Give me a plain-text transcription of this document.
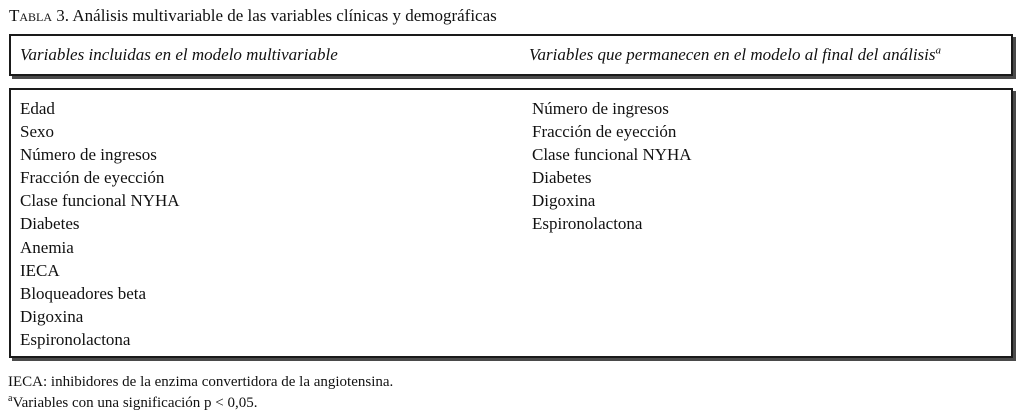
Tabla 3. Análisis multivariable de las variables clínicas y demográficas
Variables incluidas en el modelo multivariable	Variables que permanecen en el modelo al final del análisis$^a$
Edad
Sexo
Número de ingresos
Fracción de eyección
Clase funcional NYHA
Diabetes
Anemia
IECA
Bloqueadores beta
Digoxina
Espironolactona
Número de ingresos
Fracción de eyección
Clase funcional NYHA
Diabetes
Digoxina
Espironolactona

IECA: inhibidores de la enzima convertidora de la angiotensina.

$^a$Variables con una significación p < 0,05.
